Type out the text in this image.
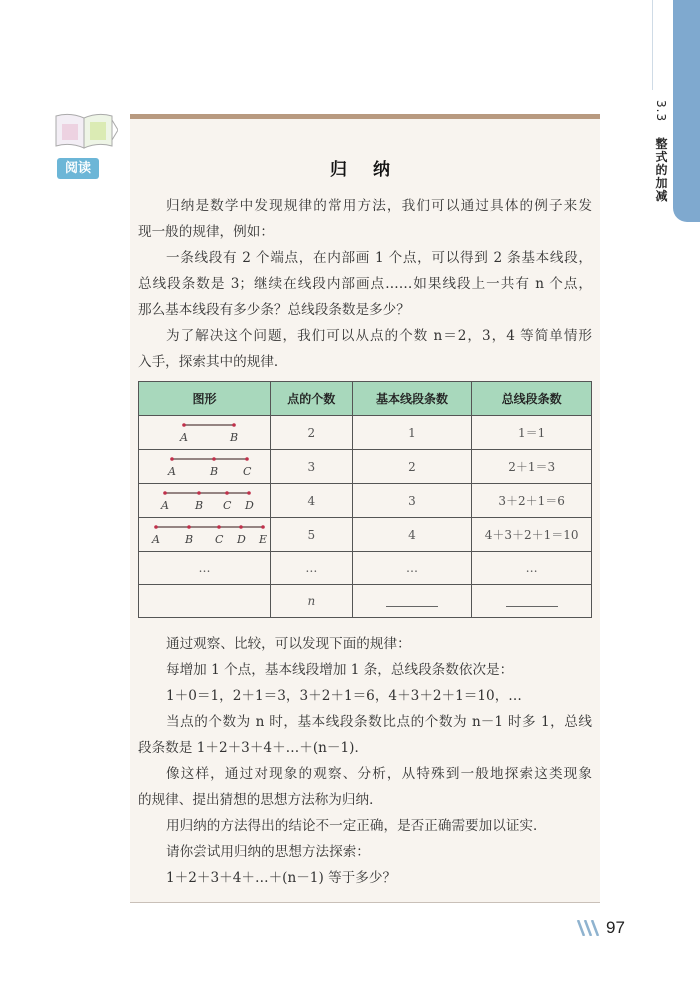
3.3 整式的加减
阅读	归 纳
归纳是数学中发现规律的常用方法，我们可以通过具体的例子来发
现一般的规律，例如：
一条线段有 2 个端点，在内部画 1 个点，可以得到 2 条基本线段，
总线段条数是 3；继续在线段内部画点……如果线段上一共有 n 个点，
那么基本线段有多少条？总线段条数是多少？
为了解决这个问题，我们可以从点的个数 n＝2，3，4 等简单情形
入手，探索其中的规律．
图形	点的个数	基本线段条数	总线段条数

A B	2	1	1＝1

A B C	3	2	2＋1＝3

A B C D	4	3	3＋2＋1＝6

A B C D E	5	4	4＋3＋2＋1＝10
…	…	…	…
	n		
通过观察、比较，可以发现下面的规律：
每增加 1 个点，基本线段增加 1 条，总线段条数依次是：
1＋0＝1，2＋1＝3，3＋2＋1＝6，4＋3＋2＋1＝10，…
当点的个数为 n 时，基本线段条数比点的个数为 n－1 时多 1，总线
段条数是 1＋2＋3＋4＋…＋(n－1)．
像这样，通过对现象的观察、分析，从特殊到一般地探索这类现象
的规律、提出猜想的思想方法称为归纳．
用归纳的方法得出的结论不一定正确，是否正确需要加以证实．
请你尝试用归纳的思想方法探索：
1＋2＋3＋4＋…＋(n－1) 等于多少？
97
